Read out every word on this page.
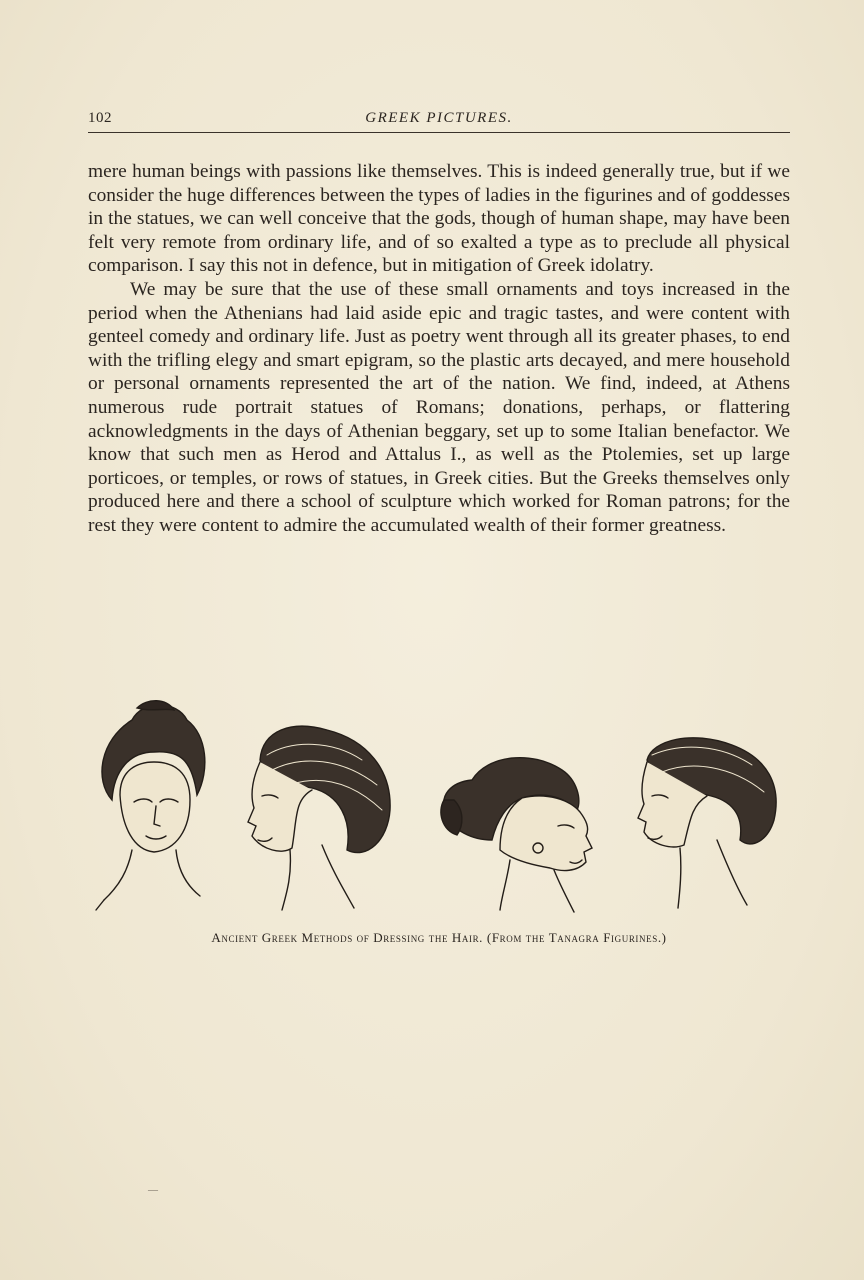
102	GREEK PICTURES.

mere human beings with passions like themselves. This is indeed generally true, but if we consider the huge differences between the types of ladies in the figurines and of goddesses in the statues, we can well conceive that the gods, though of human shape, may have been felt very remote from ordinary life, and of so exalted a type as to preclude all physical comparison. I say this not in defence, but in mitigation of Greek idolatry.

We may be sure that the use of these small ornaments and toys increased in the period when the Athenians had laid aside epic and tragic tastes, and were content with genteel comedy and ordinary life. Just as poetry went through all its greater phases, to end with the trifling elegy and smart epigram, so the plastic arts decayed, and mere household or personal ornaments represented the art of the nation. We find, indeed, at Athens numerous rude portrait statues of Romans; donations, perhaps, or flattering acknowledgments in the days of Athenian beggary, set up to some Italian benefactor. We know that such men as Herod and Attalus I., as well as the Ptolemies, set up large porticoes, or temples, or rows of statues, in Greek cities. But the Greeks themselves only produced here and there a school of sculpture which worked for Roman patrons; for the rest they were content to admire the accumulated wealth of their former greatness.

Ancient Greek Methods of Dressing the Hair. (From the Tanagra Figurines.)
—
